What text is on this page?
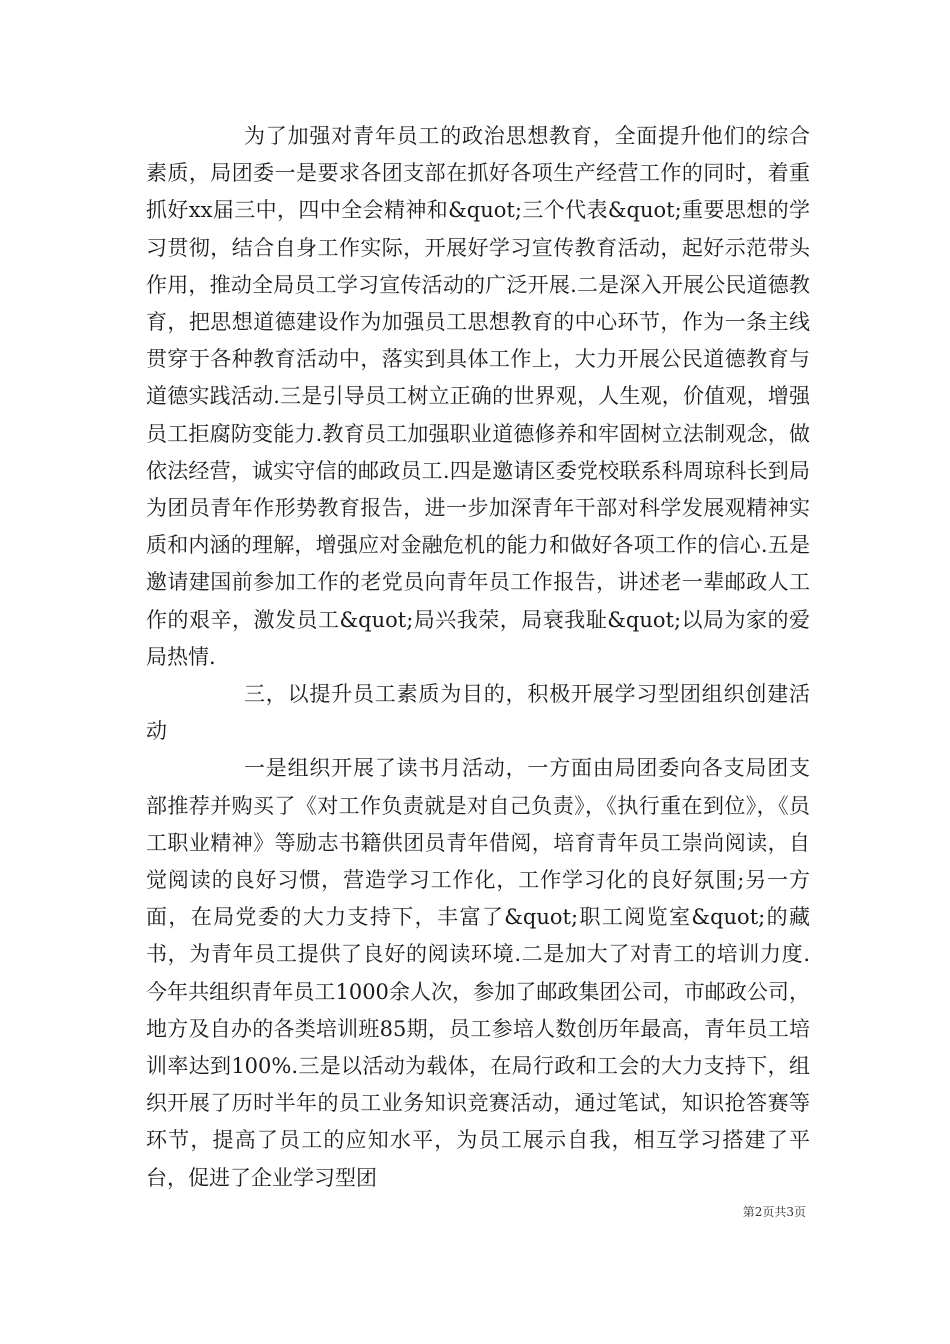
为了加强对青年员工的政治思想教育，全面提升他们的综合素质，局团委一是要求各团支部在抓好各项生产经营工作的同时，着重抓好xx届三中，四中全会精神和&quot;三个代表&quot;重要思想的学习贯彻，结合自身工作实际，开展好学习宣传教育活动，起好示范带头作用，推动全局员工学习宣传活动的广泛开展.二是深入开展公民道德教育，把思想道德建设作为加强员工思想教育的中心环节，作为一条主线贯穿于各种教育活动中，落实到具体工作上，大力开展公民道德教育与道德实践活动.三是引导员工树立正确的世界观，人生观，价值观，增强员工拒腐防变能力.教育员工加强职业道德修养和牢固树立法制观念，做依法经营，诚实守信的邮政员工.四是邀请区委党校联系科周琼科长到局为团员青年作形势教育报告，进一步加深青年干部对科学发展观精神实质和内涵的理解，增强应对金融危机的能力和做好各项工作的信心.五是邀请建国前参加工作的老党员向青年员工作报告，讲述老一辈邮政人工作的艰辛，激发员工&quot;局兴我荣，局衰我耻&quot;以局为家的爱局热情.

三，以提升员工素质为目的，积极开展学习型团组织创建活动

一是组织开展了读书月活动，一方面由局团委向各支局团支部推荐并购买了《对工作负责就是对自己负责》，《执行重在到位》，《员工职业精神》等励志书籍供团员青年借阅，培育青年员工崇尚阅读，自觉阅读的良好习惯，营造学习工作化，工作学习化的良好氛围;另一方面，在局党委的大力支持下，丰富了&quot;职工阅览室&quot;的藏书，为青年员工提供了良好的阅读环境.二是加大了对青工的培训力度.今年共组织青年员工1000余人次，参加了邮政集团公司，市邮政公司，地方及自办的各类培训班85期，员工参培人数创历年最高，青年员工培训率达到100%.三是以活动为载体，在局行政和工会的大力支持下，组织开展了历时半年的员工业务知识竞赛活动，通过笔试，知识抢答赛等环节，提高了员工的应知水平，为员工展示自我，相互学习搭建了平台，促进了企业学习型团

第2页共3页
